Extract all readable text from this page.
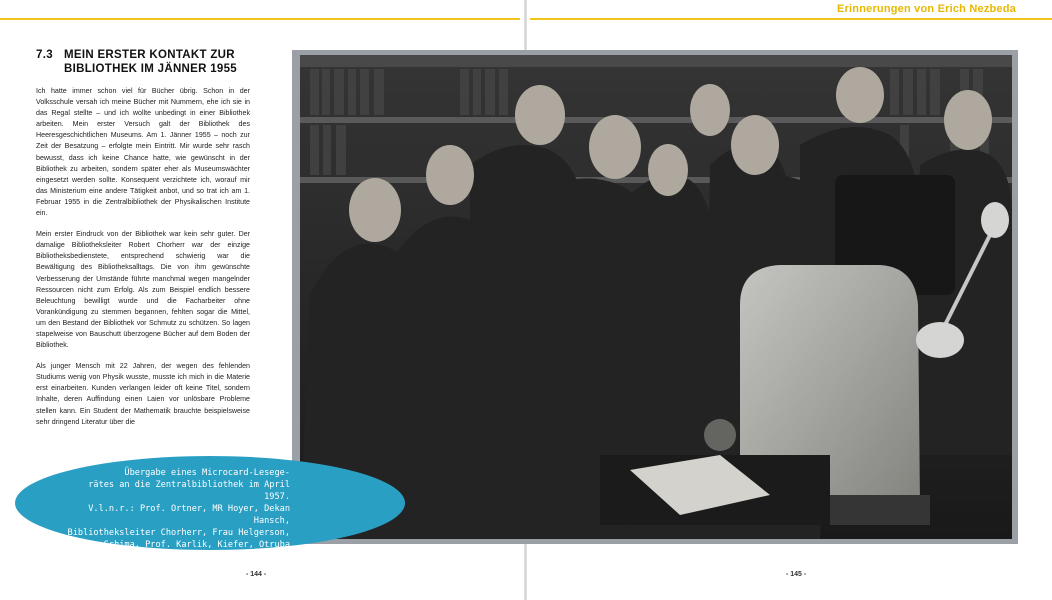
Erinnerungen von Erich Nezbeda
7.3 MEIN ERSTER KONTAKT ZUR
BIBLIOTHEK IM JÄNNER 1955

Ich hatte immer schon viel für Bücher übrig. Schon in der Volksschule versah ich meine Bücher mit Nummern, ehe ich sie in das Regal stellte – und ich wollte unbedingt in einer Bibliothek arbeiten. Mein erster Versuch galt der Bibliothek des Heeresgeschichtlichen Museums. Am 1. Jänner 1955 – noch zur Zeit der Besatzung – erfolgte mein Eintritt. Mir wurde sehr rasch bewusst, dass ich keine Chance hatte, wie gewünscht in der Bibliothek zu arbeiten, sondern später eher als Museumswächter eingesetzt werden sollte. Konsequent verzichtete ich, worauf mir das Ministerium eine andere Tätigkeit anbot, und so trat ich am 1. Februar 1955 in die Zentralbibliothek der Physikalischen Institute ein.

Mein erster Eindruck von der Bibliothek war kein sehr guter. Der damalige Bibliotheksleiter Robert Chorherr war der einzige Bibliotheksbedienstete, entsprechend schwierig war die Bewältigung des Bibliotheksalltags. Die von ihm gewünschte Verbesserung der Umstände führte manchmal wegen mangelnder Ressourcen nicht zum Erfolg. Als zum Beispiel endlich bessere Beleuchtung bewilligt wurde und die Facharbeiter ohne Vorankündigung zu stemmen begannen, fehlten sogar die Mittel, um den Bestand der Bibliothek vor Schmutz zu schützen. So lagen stapelweise von Bauschutt überzogene Bücher auf dem Boden der Bibliothek.

Als junger Mensch mit 22 Jahren, der wegen des fehlenden Studiums wenig von Physik wusste, musste ich mich in die Materie erst einarbeiten. Kunden verlangen leider oft keine Titel, sondern Inhalte, deren Auffindung einen Laien vor unlösbare Probleme stellen kann. Ein Student der Mathematik brauchte beispielsweise sehr dringend Literatur über die

Übergabe eines Microcard-Lesege-
rätes an die Zentralbibliothek im April 1957.
V.l.n.r.: Prof. Ortner, MR Hoyer, Dekan Hansch,
Bibliotheksleiter Chorherr, Frau Helgerson,
Rektor Schima, Prof. Karlik, Kiefer, Otruba
- 144 -	- 145 -
